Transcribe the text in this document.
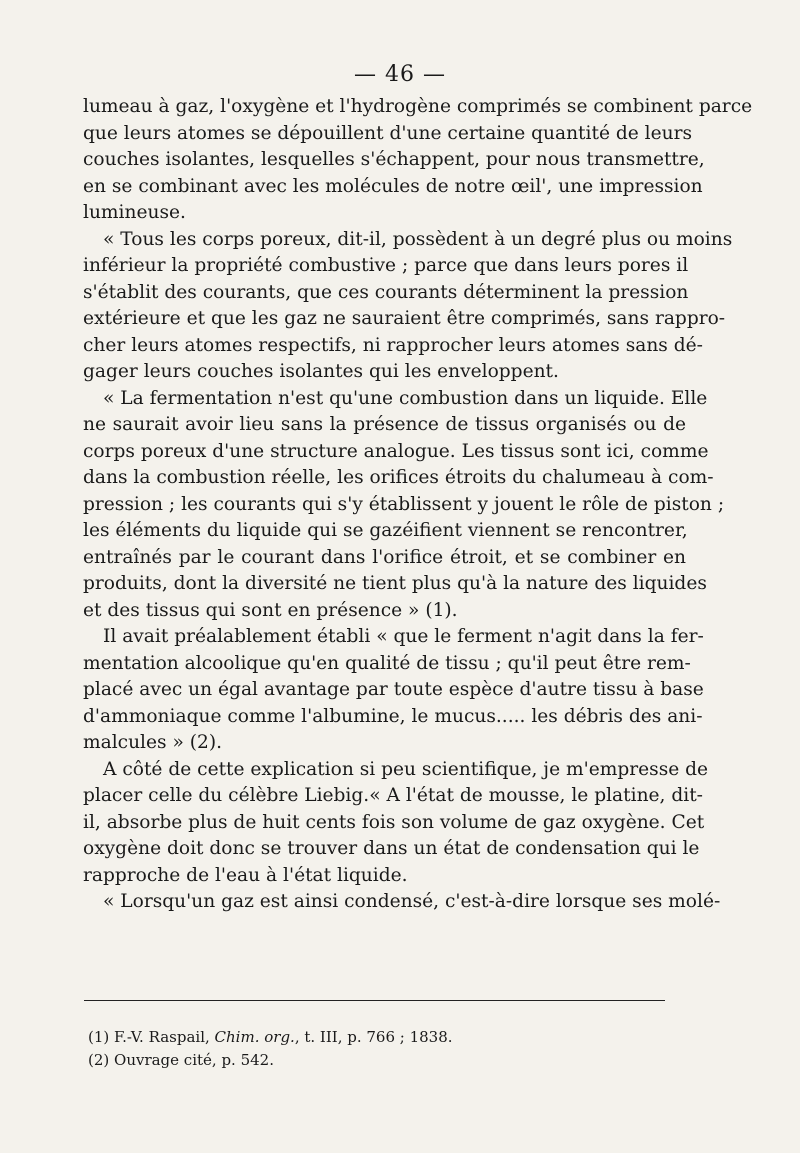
— 46 —
lumeau à gaz, l'oxygène et l'hydrogène comprimés se combinent parce
que leurs atomes se dépouillent d'une certaine quantité de leurs
couches isolantes, lesquelles s'échappent, pour nous transmettre,
en se combinant avec les molécules de notre œil', une impression
lumineuse.
« Tous les corps poreux, dit-il, possèdent à un degré plus ou moins
inférieur la propriété combustive ; parce que dans leurs pores il
s'établit des courants, que ces courants déterminent la pression
extérieure et que les gaz ne sauraient être comprimés, sans rappro-
cher leurs atomes respectifs, ni rapprocher leurs atomes sans dé-
gager leurs couches isolantes qui les enveloppent.
« La fermentation n'est qu'une combustion dans un liquide. Elle
ne saurait avoir lieu sans la présence de tissus organisés ou de
corps poreux d'une structure analogue. Les tissus sont ici, comme
dans la combustion réelle, les orifices étroits du chalumeau à com-
pression ; les courants qui s'y établissent y jouent le rôle de piston ;
les éléments du liquide qui se gazéifient viennent se rencontrer,
entraînés par le courant dans l'orifice étroit, et se combiner en
produits, dont la diversité ne tient plus qu'à la nature des liquides
et des tissus qui sont en présence » (1).
Il avait préalablement établi « que le ferment n'agit dans la fer-
mentation alcoolique qu'en qualité de tissu ; qu'il peut être rem-
placé avec un égal avantage par toute espèce d'autre tissu à base
d'ammoniaque comme l'albumine, le mucus..... les débris des ani-
malcules » (2).
A côté de cette explication si peu scientifique, je m'empresse de
placer celle du célèbre Liebig.« A l'état de mousse, le platine, dit-
il, absorbe plus de huit cents fois son volume de gaz oxygène. Cet
oxygène doit donc se trouver dans un état de condensation qui le
rapproche de l'eau à l'état liquide.
« Lorsqu'un gaz est ainsi condensé, c'est-à-dire lorsque ses molé-
(1) F.-V. Raspail, Chim. org., t. III, p. 766 ; 1838.
(2) Ouvrage cité, p. 542.
